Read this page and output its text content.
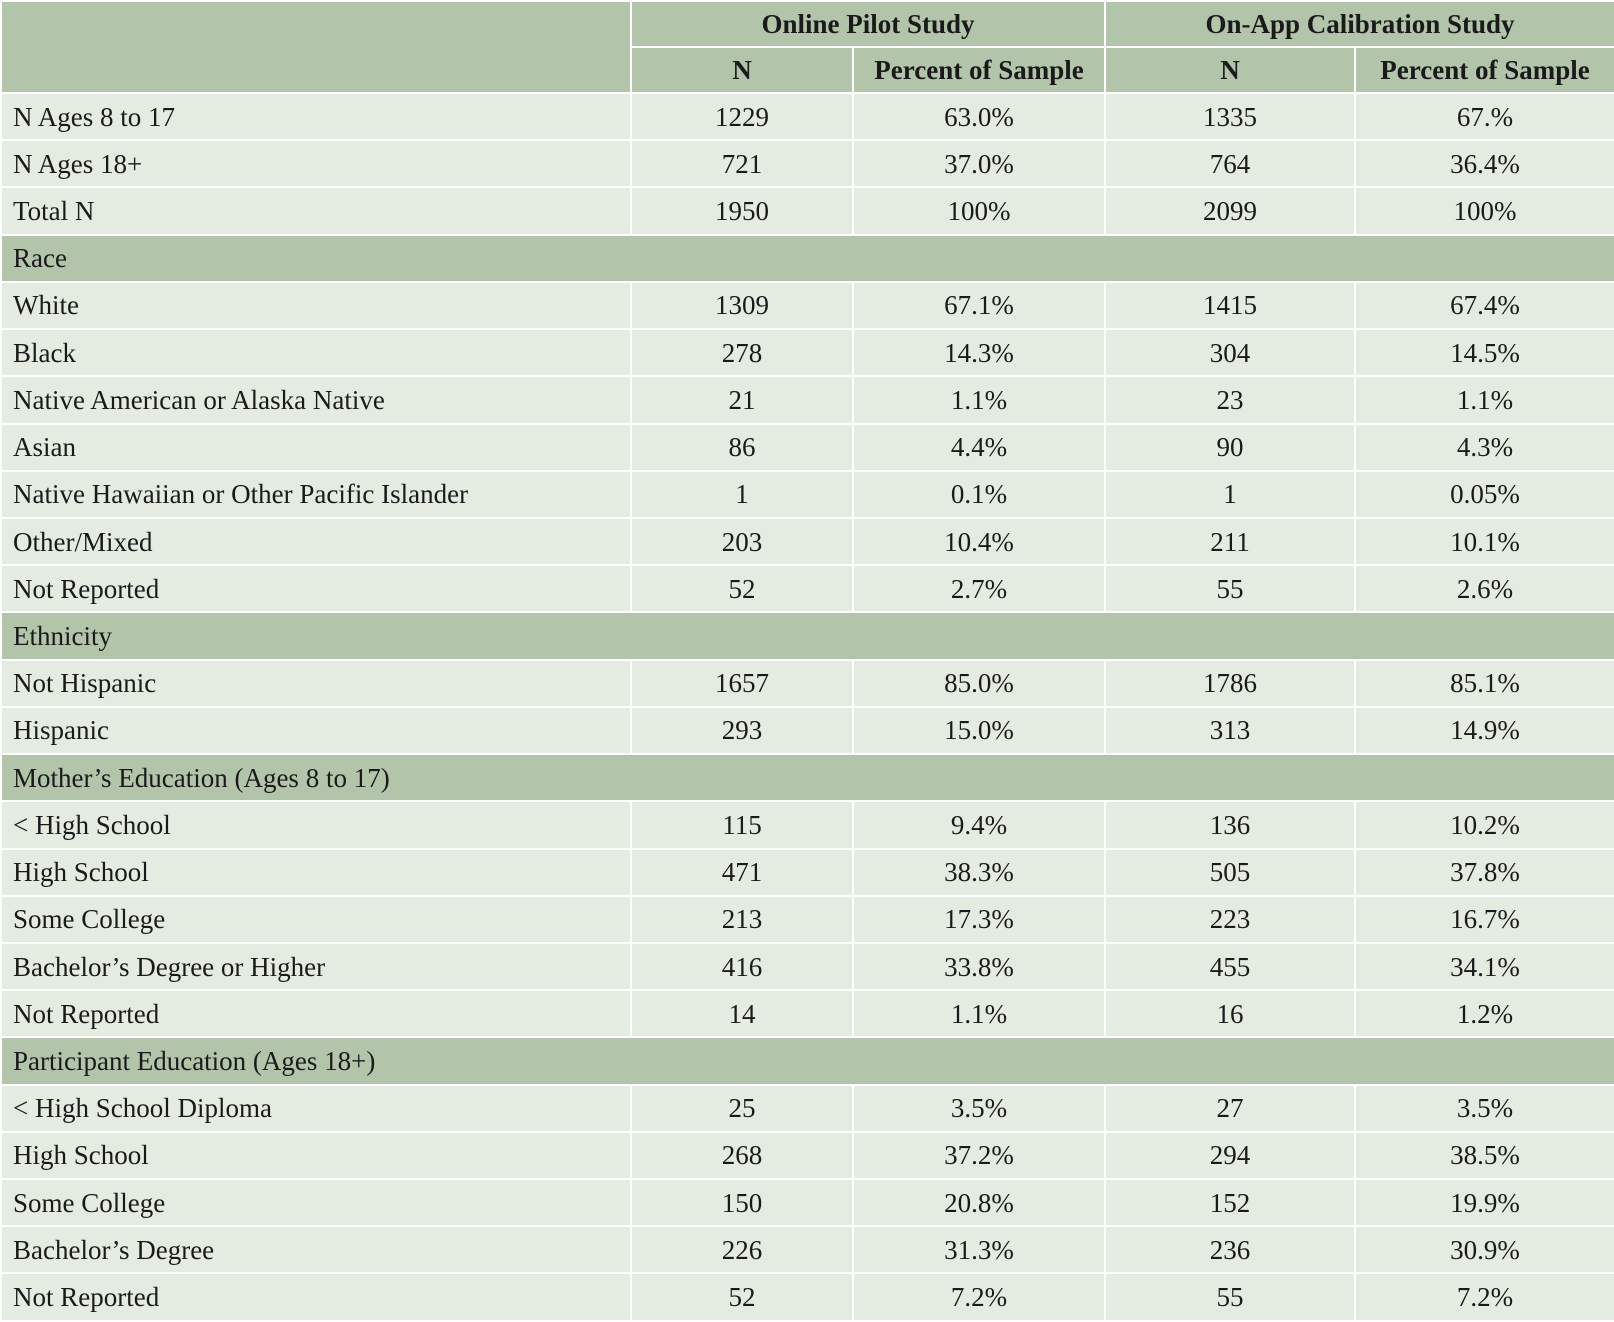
	Online Pilot Study		On-App Calibration Study	
	N	Percent of Sample	N	Percent of Sample
N Ages 8 to 17	1229	63.0%	1335	67.%
N Ages 18+	721	37.0%	764	36.4%
Total N	1950	100%	2099	100%
Race				
White	1309	67.1%	1415	67.4%
Black	278	14.3%	304	14.5%
Native American or Alaska Native	21	1.1%	23	1.1%
Asian	86	4.4%	90	4.3%
Native Hawaiian or Other Pacific Islander	1	0.1%	1	0.05%
Other/Mixed	203	10.4%	211	10.1%
Not Reported	52	2.7%	55	2.6%
Ethnicity				
Not Hispanic	1657	85.0%	1786	85.1%
Hispanic	293	15.0%	313	14.9%
Mother’s Education (Ages 8 to 17)				
< High School	115	9.4%	136	10.2%
High School	471	38.3%	505	37.8%
Some College	213	17.3%	223	16.7%
Bachelor’s Degree or Higher	416	33.8%	455	34.1%
Not Reported	14	1.1%	16	1.2%
Participant Education (Ages 18+)				
< High School Diploma	25	3.5%	27	3.5%
High School	268	37.2%	294	38.5%
Some College	150	20.8%	152	19.9%
Bachelor’s Degree	226	31.3%	236	30.9%
Not Reported	52	7.2%	55	7.2%
